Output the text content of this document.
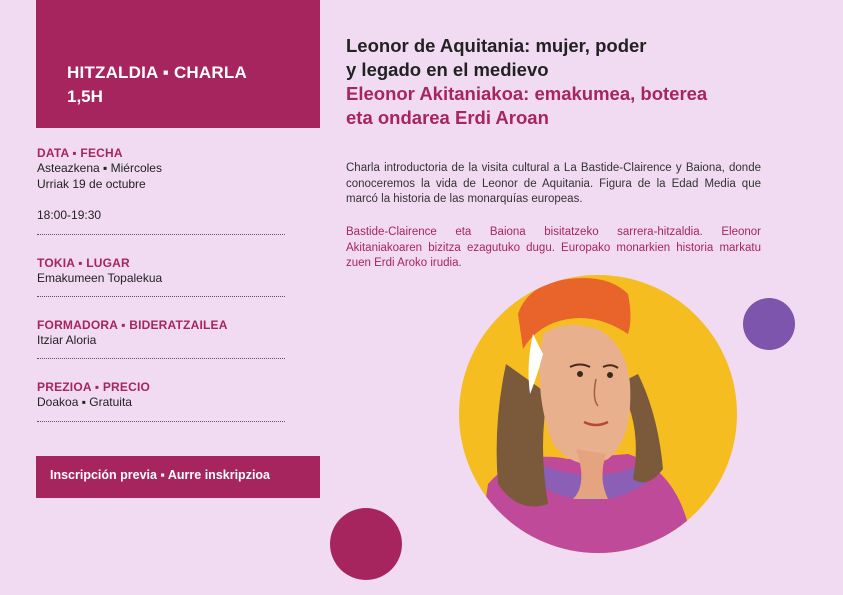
HITZALDIA ▪ CHARLA
1,5H
DATA ▪ FECHA
Asteazkena ▪ Miércoles
Urriak 19 de octubre
18:00-19:30
TOKIA ▪ LUGAR
Emakumeen Topalekua
FORMADORA ▪ BIDERATZAILEA
Itziar Aloria
PREZIOA ▪ PRECIO
Doakoa ▪ Gratuita
Inscripción previa ▪ Aurre inskripzioa
Leonor de Aquitania: mujer, poder
y legado en el medievo
Eleonor Akitaniakoa: emakumea, boterea
eta ondarea Erdi Aroan
Charla introductoria de la visita cultural a La Bastide-Clairence y Baiona, donde conoceremos la vida de Leonor de Aquitania. Figura de la Edad Media que marcó la historia de las monarquías europeas.
Bastide-Clairence eta Baiona bisitatzeko sarrera-hitzaldia. Eleonor Akitaniakoaren bizitza ezagutuko dugu. Europako monarkien historia markatu zuen Erdi Aroko irudia.
